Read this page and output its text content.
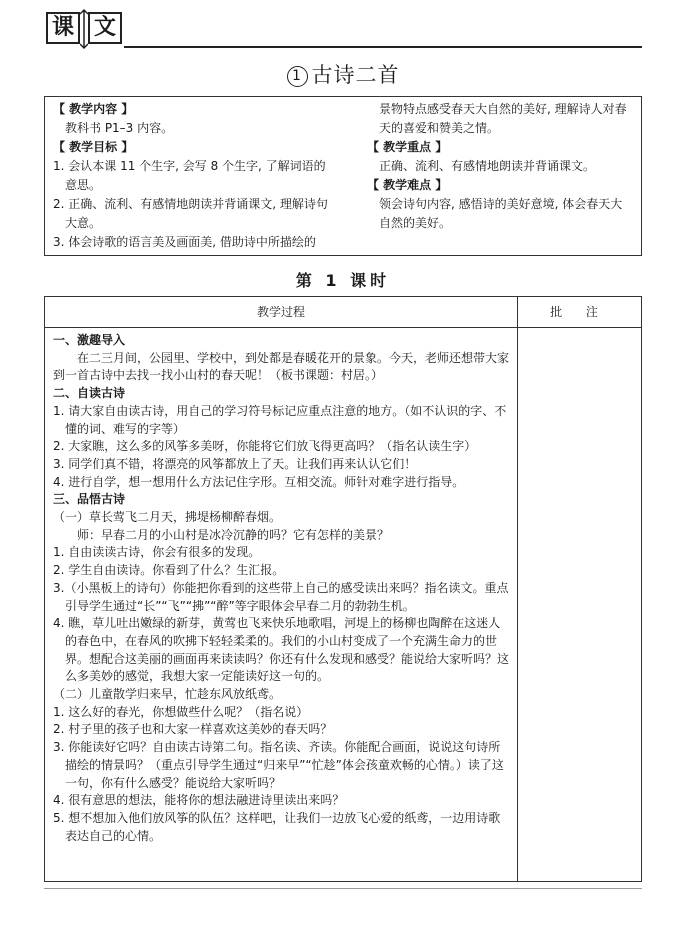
课 文
1 古诗二首
【 教学内容 】
教科书 P1–3 内容。
【 教学目标 】
1. 会认本课 11 个生字, 会写 8 个生字, 了解词语的意思。
2. 正确、流利、有感情地朗读并背诵课文, 理解诗句大意。
3. 体会诗歌的语言美及画面美, 借助诗中所描绘的
景物特点感受春天大自然的美好, 理解诗人对春天的喜爱和赞美之情。
【 教学重点 】
正确、流利、有感情地朗读并背诵课文。
【 教学难点 】
领会诗句内容, 感悟诗的美好意境, 体会春天大自然的美好。
第 1 课时
教学过程	批 注

一、激趣导入

在二三月间，公园里、学校中，到处都是春暖花开的景象。今天，老师还想带大家到一首古诗中去找一找小山村的春天呢！（板书课题：村居。）

二、自读古诗

1. 请大家自由读古诗，用自己的学习符号标记应重点注意的地方。（如不认识的字、不懂的词、难写的字等）

2. 大家瞧，这么多的风筝多美呀，你能将它们放飞得更高吗？（指名认读生字）

3. 同学们真不错，将漂亮的风筝都放上了天。让我们再来认认它们！

4. 进行自学，想一想用什么方法记住字形。互相交流。师针对难字进行指导。

三、品悟古诗

（一）草长莺飞二月天，拂堤杨柳醉春烟。

师：早春二月的小山村是冰冷沉静的吗？它有怎样的美景？

1. 自由读读古诗，你会有很多的发现。

2. 学生自由读诗。你看到了什么？生汇报。

3.（小黑板上的诗句）你能把你看到的这些带上自己的感受读出来吗？指名读文。重点引导学生通过“长”“飞”“拂”“醉”等字眼体会早春二月的勃勃生机。

4. 瞧，草儿吐出嫩绿的新芽，黄莺也飞来快乐地歌唱，河堤上的杨柳也陶醉在这迷人的春色中，在春风的吹拂下轻轻柔柔的。我们的小山村变成了一个充满生命力的世界。想配合这美丽的画面再来读读吗？你还有什么发现和感受？能说给大家听吗？这么多美妙的感觉，我想大家一定能读好这一句的。

（二）儿童散学归来早，忙趁东风放纸鸢。

1. 这么好的春光，你想做些什么呢？（指名说）

2. 村子里的孩子也和大家一样喜欢这美妙的春天吗？

3. 你能读好它吗？自由读古诗第二句。指名读、齐读。你能配合画面，说说这句诗所描绘的情景吗？（重点引导学生通过“归来早”“忙趁”体会孩童欢畅的心情。）读了这一句，你有什么感受？能说给大家听吗？

4. 很有意思的想法，能将你的想法融进诗里读出来吗？

5. 想不想加入他们放风筝的队伍？这样吧，让我们一边放飞心爱的纸鸢，一边用诗歌表达自己的心情。
